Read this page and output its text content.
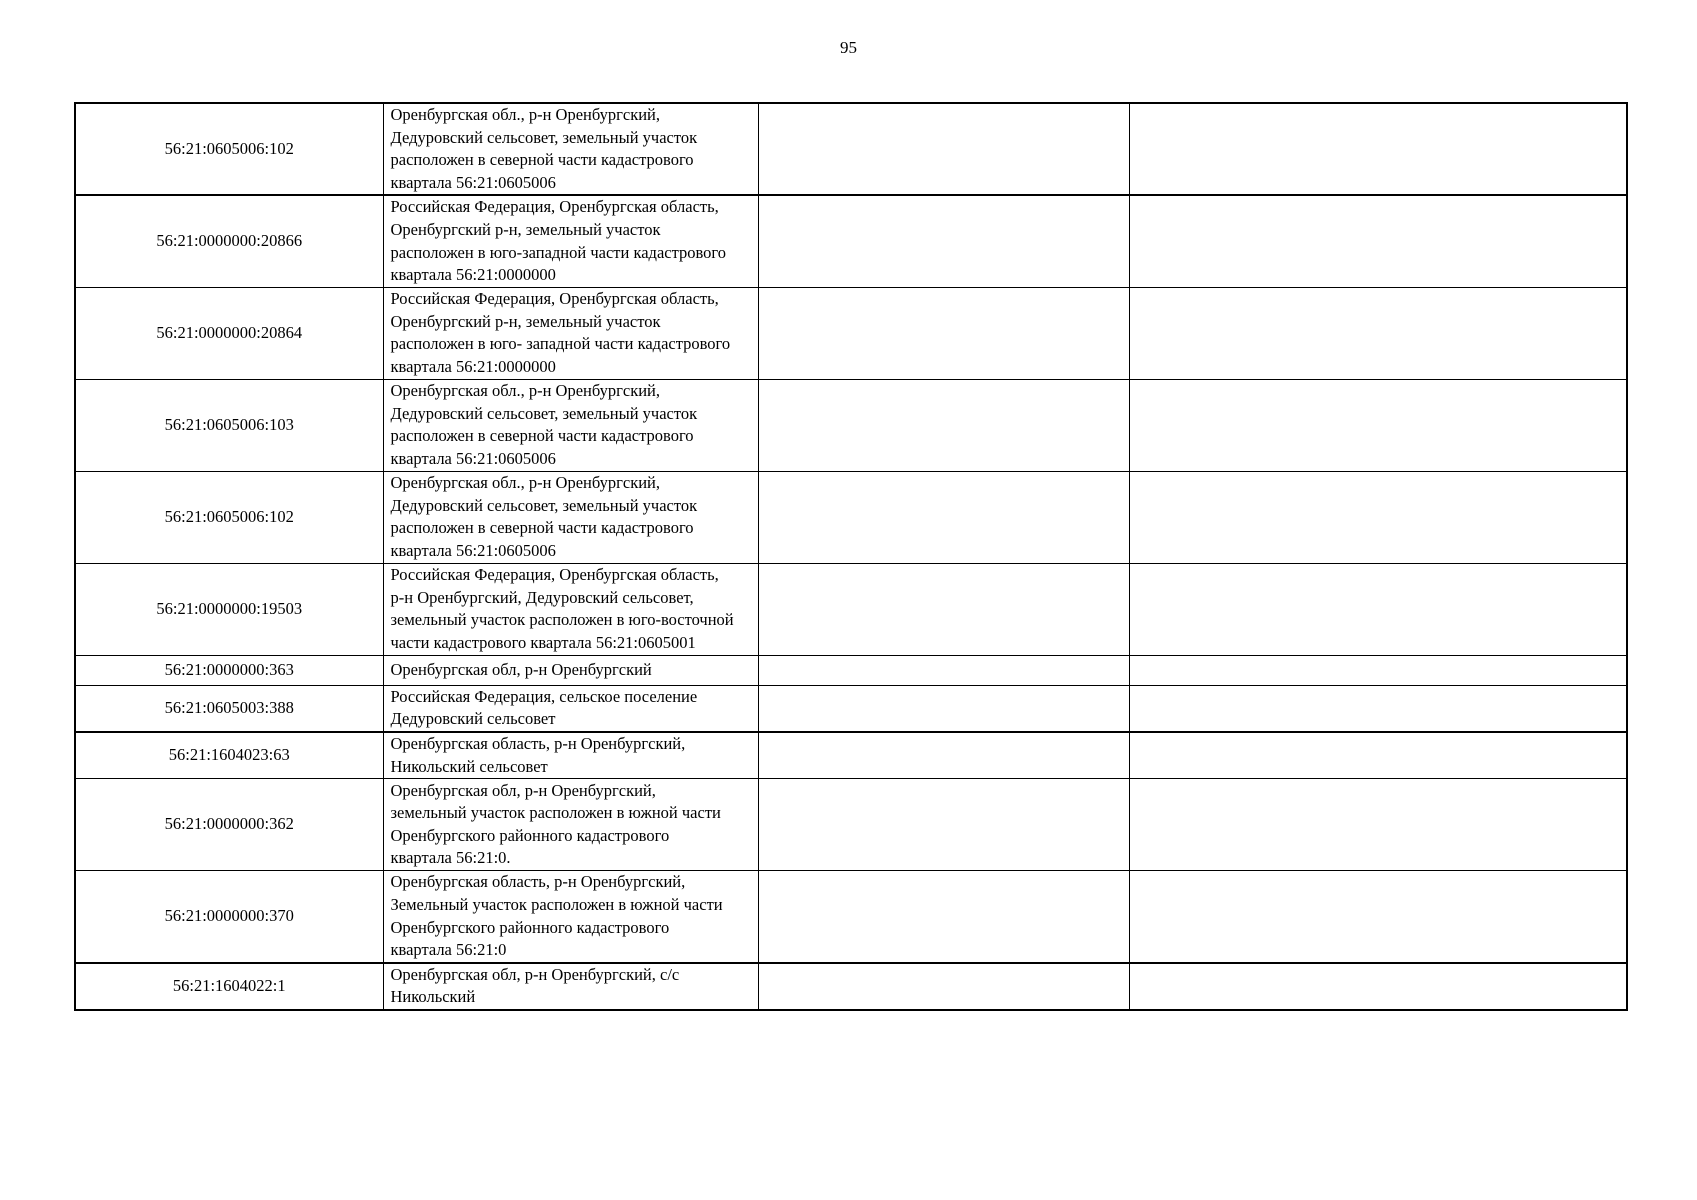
95
56:21:0605006:102	Оренбургская обл., р-н Оренбургский,
Дедуровский сельсовет, земельный участок
расположен в северной части кадастрового
квартала 56:21:0605006		

56:21:0000000:20866	Российская Федерация, Оренбургская область,
Оренбургский р-н, земельный участок
расположен в юго-западной части кадастрового
квартала 56:21:0000000		

56:21:0000000:20864	Российская Федерация, Оренбургская область,
Оренбургский р-н, земельный участок
расположен в юго- западной части кадастрового
квартала 56:21:0000000		

56:21:0605006:103	Оренбургская обл., р-н Оренбургский,
Дедуровский сельсовет, земельный участок
расположен в северной части кадастрового
квартала 56:21:0605006		

56:21:0605006:102	Оренбургская обл., р-н Оренбургский,
Дедуровский сельсовет, земельный участок
расположен в северной части кадастрового
квартала 56:21:0605006		

56:21:0000000:19503	Российская Федерация, Оренбургская область,
р-н Оренбургский, Дедуровский сельсовет,
земельный участок расположен в юго-восточной
части кадастрового квартала 56:21:0605001		

56:21:0000000:363	Оренбургская обл, р-н Оренбургский		

56:21:0605003:388	Российская Федерация, сельское поселение
Дедуровский сельсовет		

56:21:1604023:63	Оренбургская область, р-н Оренбургский,
Никольский сельсовет		

56:21:0000000:362	Оренбургская обл, р-н Оренбургский,
земельный участок расположен в южной части
Оренбургского районного кадастрового
квартала 56:21:0.		

56:21:0000000:370	Оренбургская область, р-н Оренбургский,
Земельный участок расположен в южной части
Оренбургского районного кадастрового
квартала 56:21:0		

56:21:1604022:1	Оренбургская обл, р-н Оренбургский, с/с
Никольский		
